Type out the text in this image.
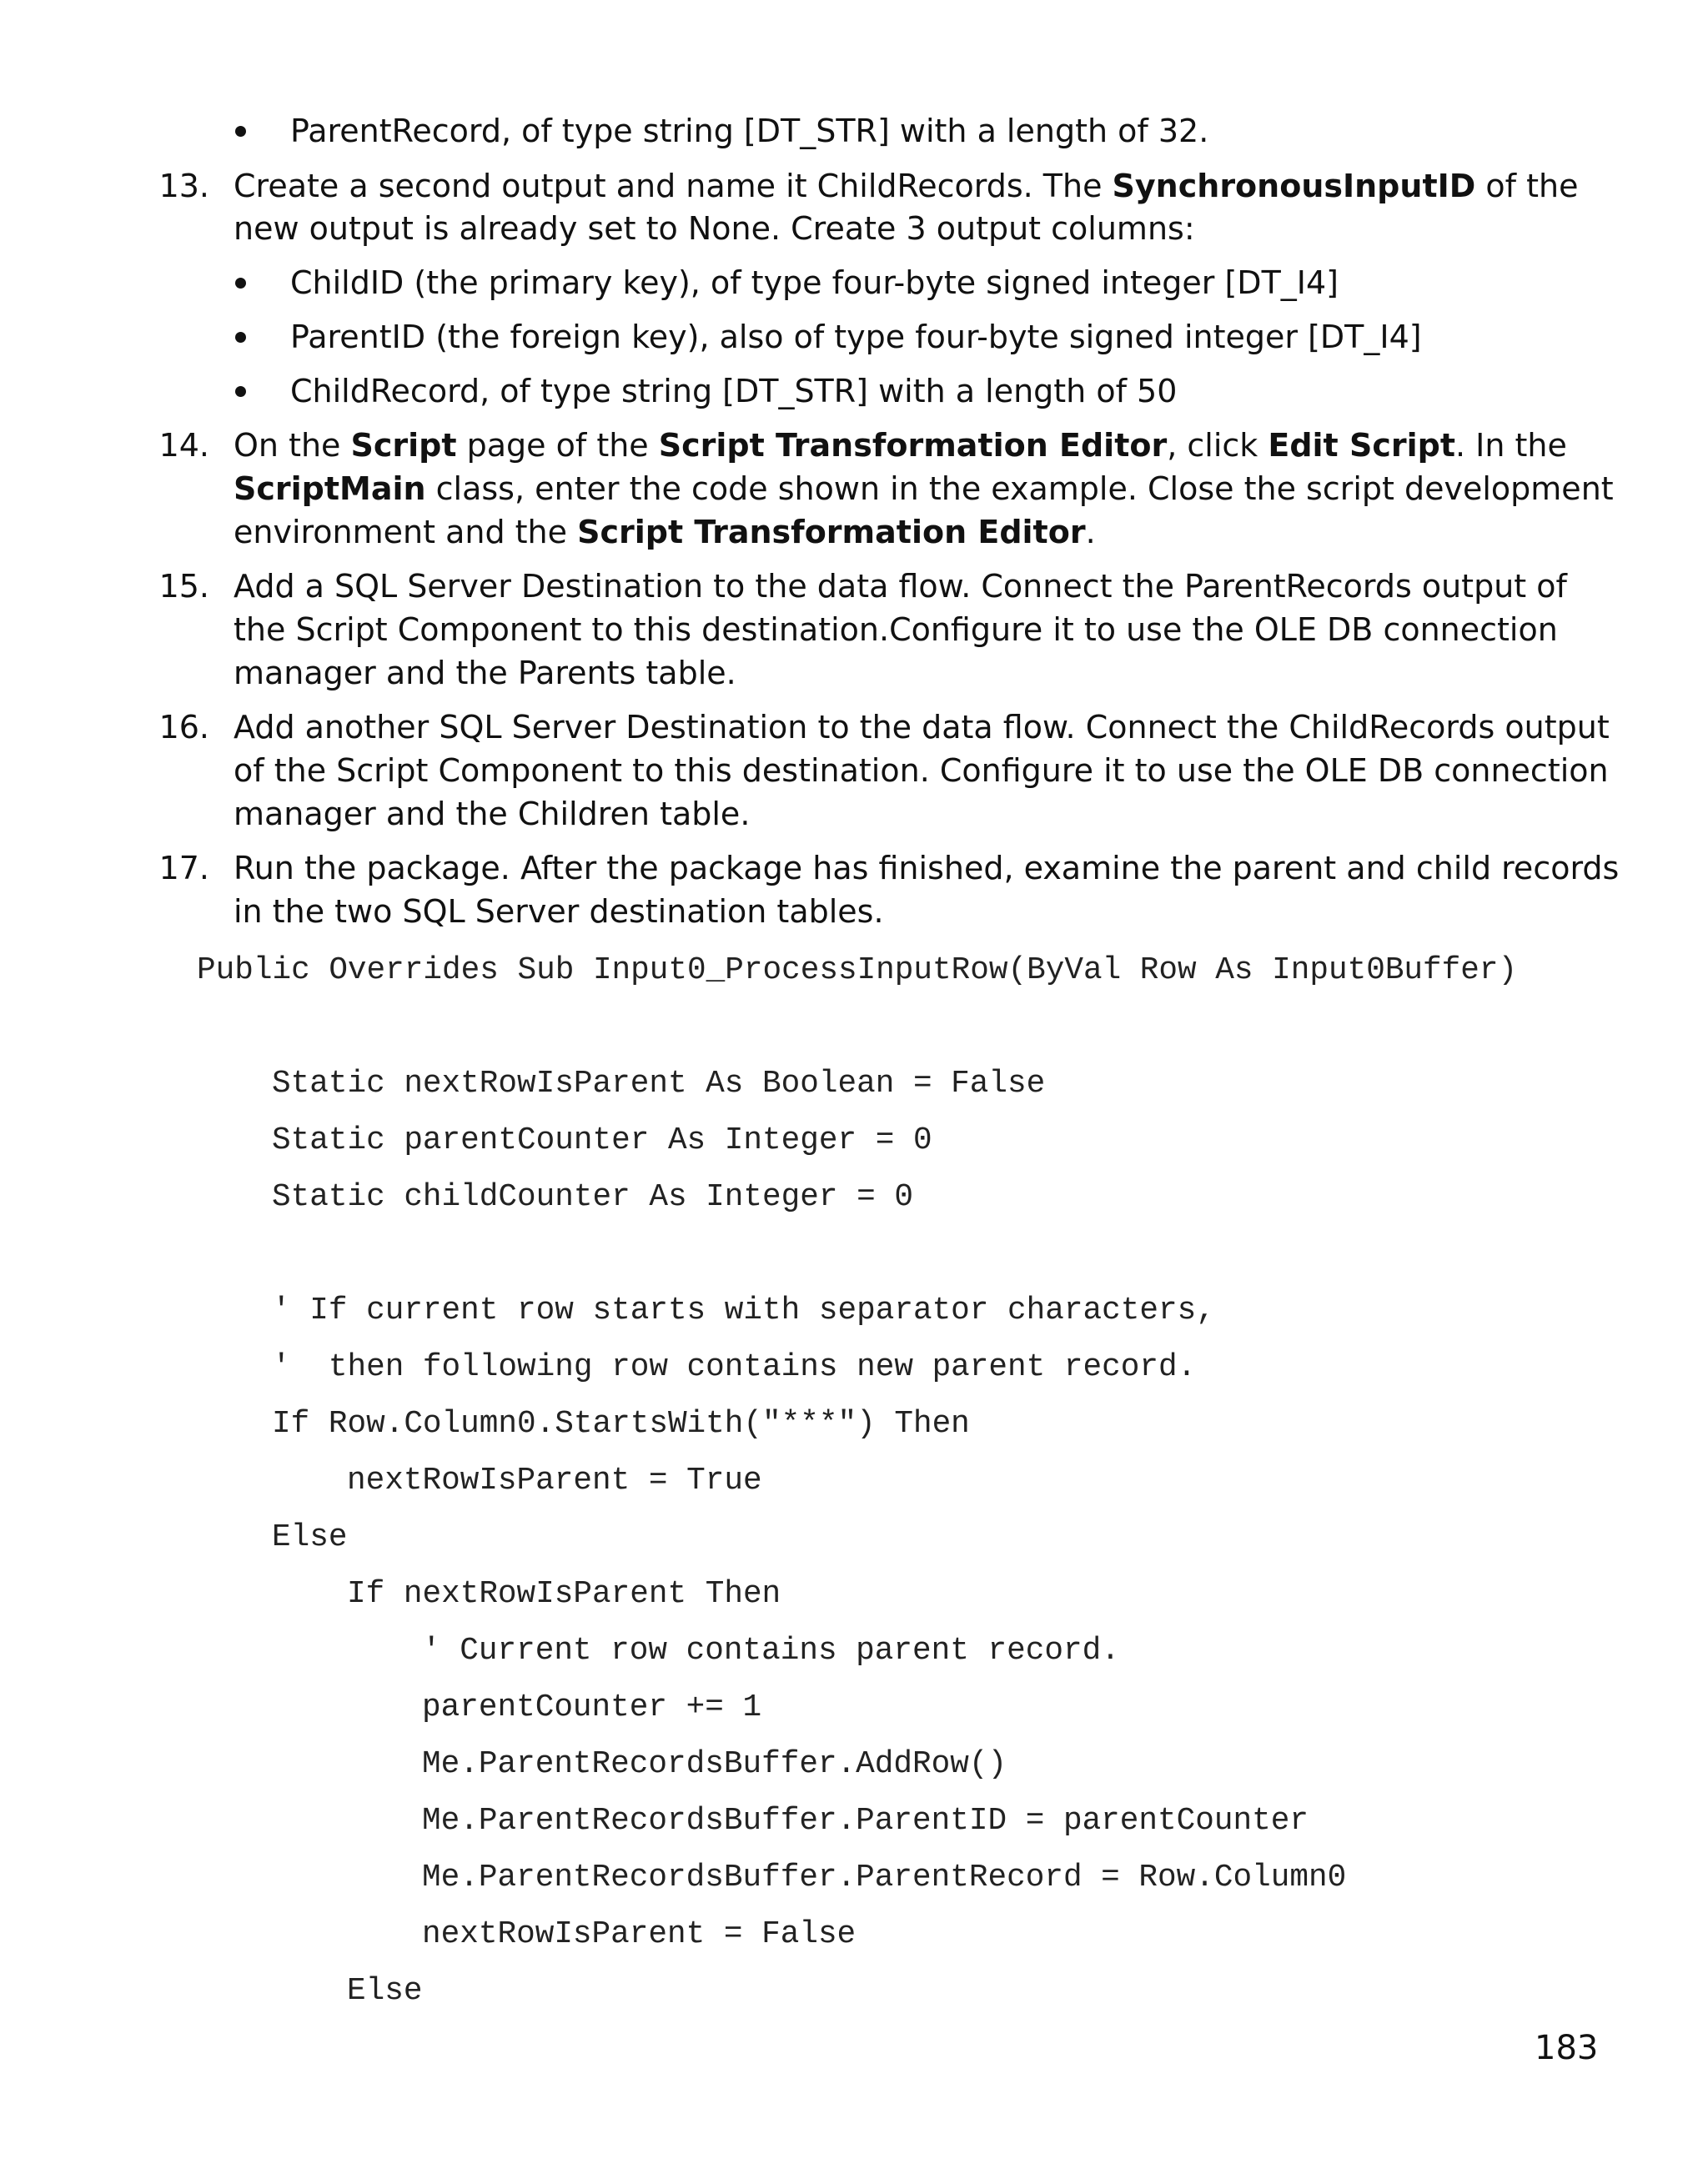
ParentRecord, of type string [DT_STR] with a length of 32.
13. Create a second output and name it ChildRecords. The SynchronousInputID of the
new output is already set to None. Create 3 output columns:
ChildID (the primary key), of type four-byte signed integer [DT_I4]
ParentID (the foreign key), also of type four-byte signed integer [DT_I4]
ChildRecord, of type string [DT_STR] with a length of 50
14. On the Script page of the Script Transformation Editor, click Edit Script. In the
ScriptMain class, enter the code shown in the example. Close the script development
environment and the Script Transformation Editor.
15. Add a SQL Server Destination to the data flow. Connect the ParentRecords output of
the Script Component to this destination.Configure it to use the OLE DB connection
manager and the Parents table.
16. Add another SQL Server Destination to the data flow. Connect the ChildRecords output
of the Script Component to this destination. Configure it to use the OLE DB connection
manager and the Children table.
17. Run the package. After the package has finished, examine the parent and child records
in the two SQL Server destination tables.
Public Overrides Sub Input0_ProcessInputRow(ByVal Row As Input0Buffer)
Static nextRowIsParent As Boolean = False
Static parentCounter As Integer = 0
Static childCounter As Integer = 0
' If current row starts with separator characters,
'  then following row contains new parent record.
If Row.Column0.StartsWith("***") Then
nextRowIsParent = True
Else
If nextRowIsParent Then
' Current row contains parent record.
parentCounter += 1
Me.ParentRecordsBuffer.AddRow()
Me.ParentRecordsBuffer.ParentID = parentCounter
Me.ParentRecordsBuffer.ParentRecord = Row.Column0
nextRowIsParent = False
Else
183
